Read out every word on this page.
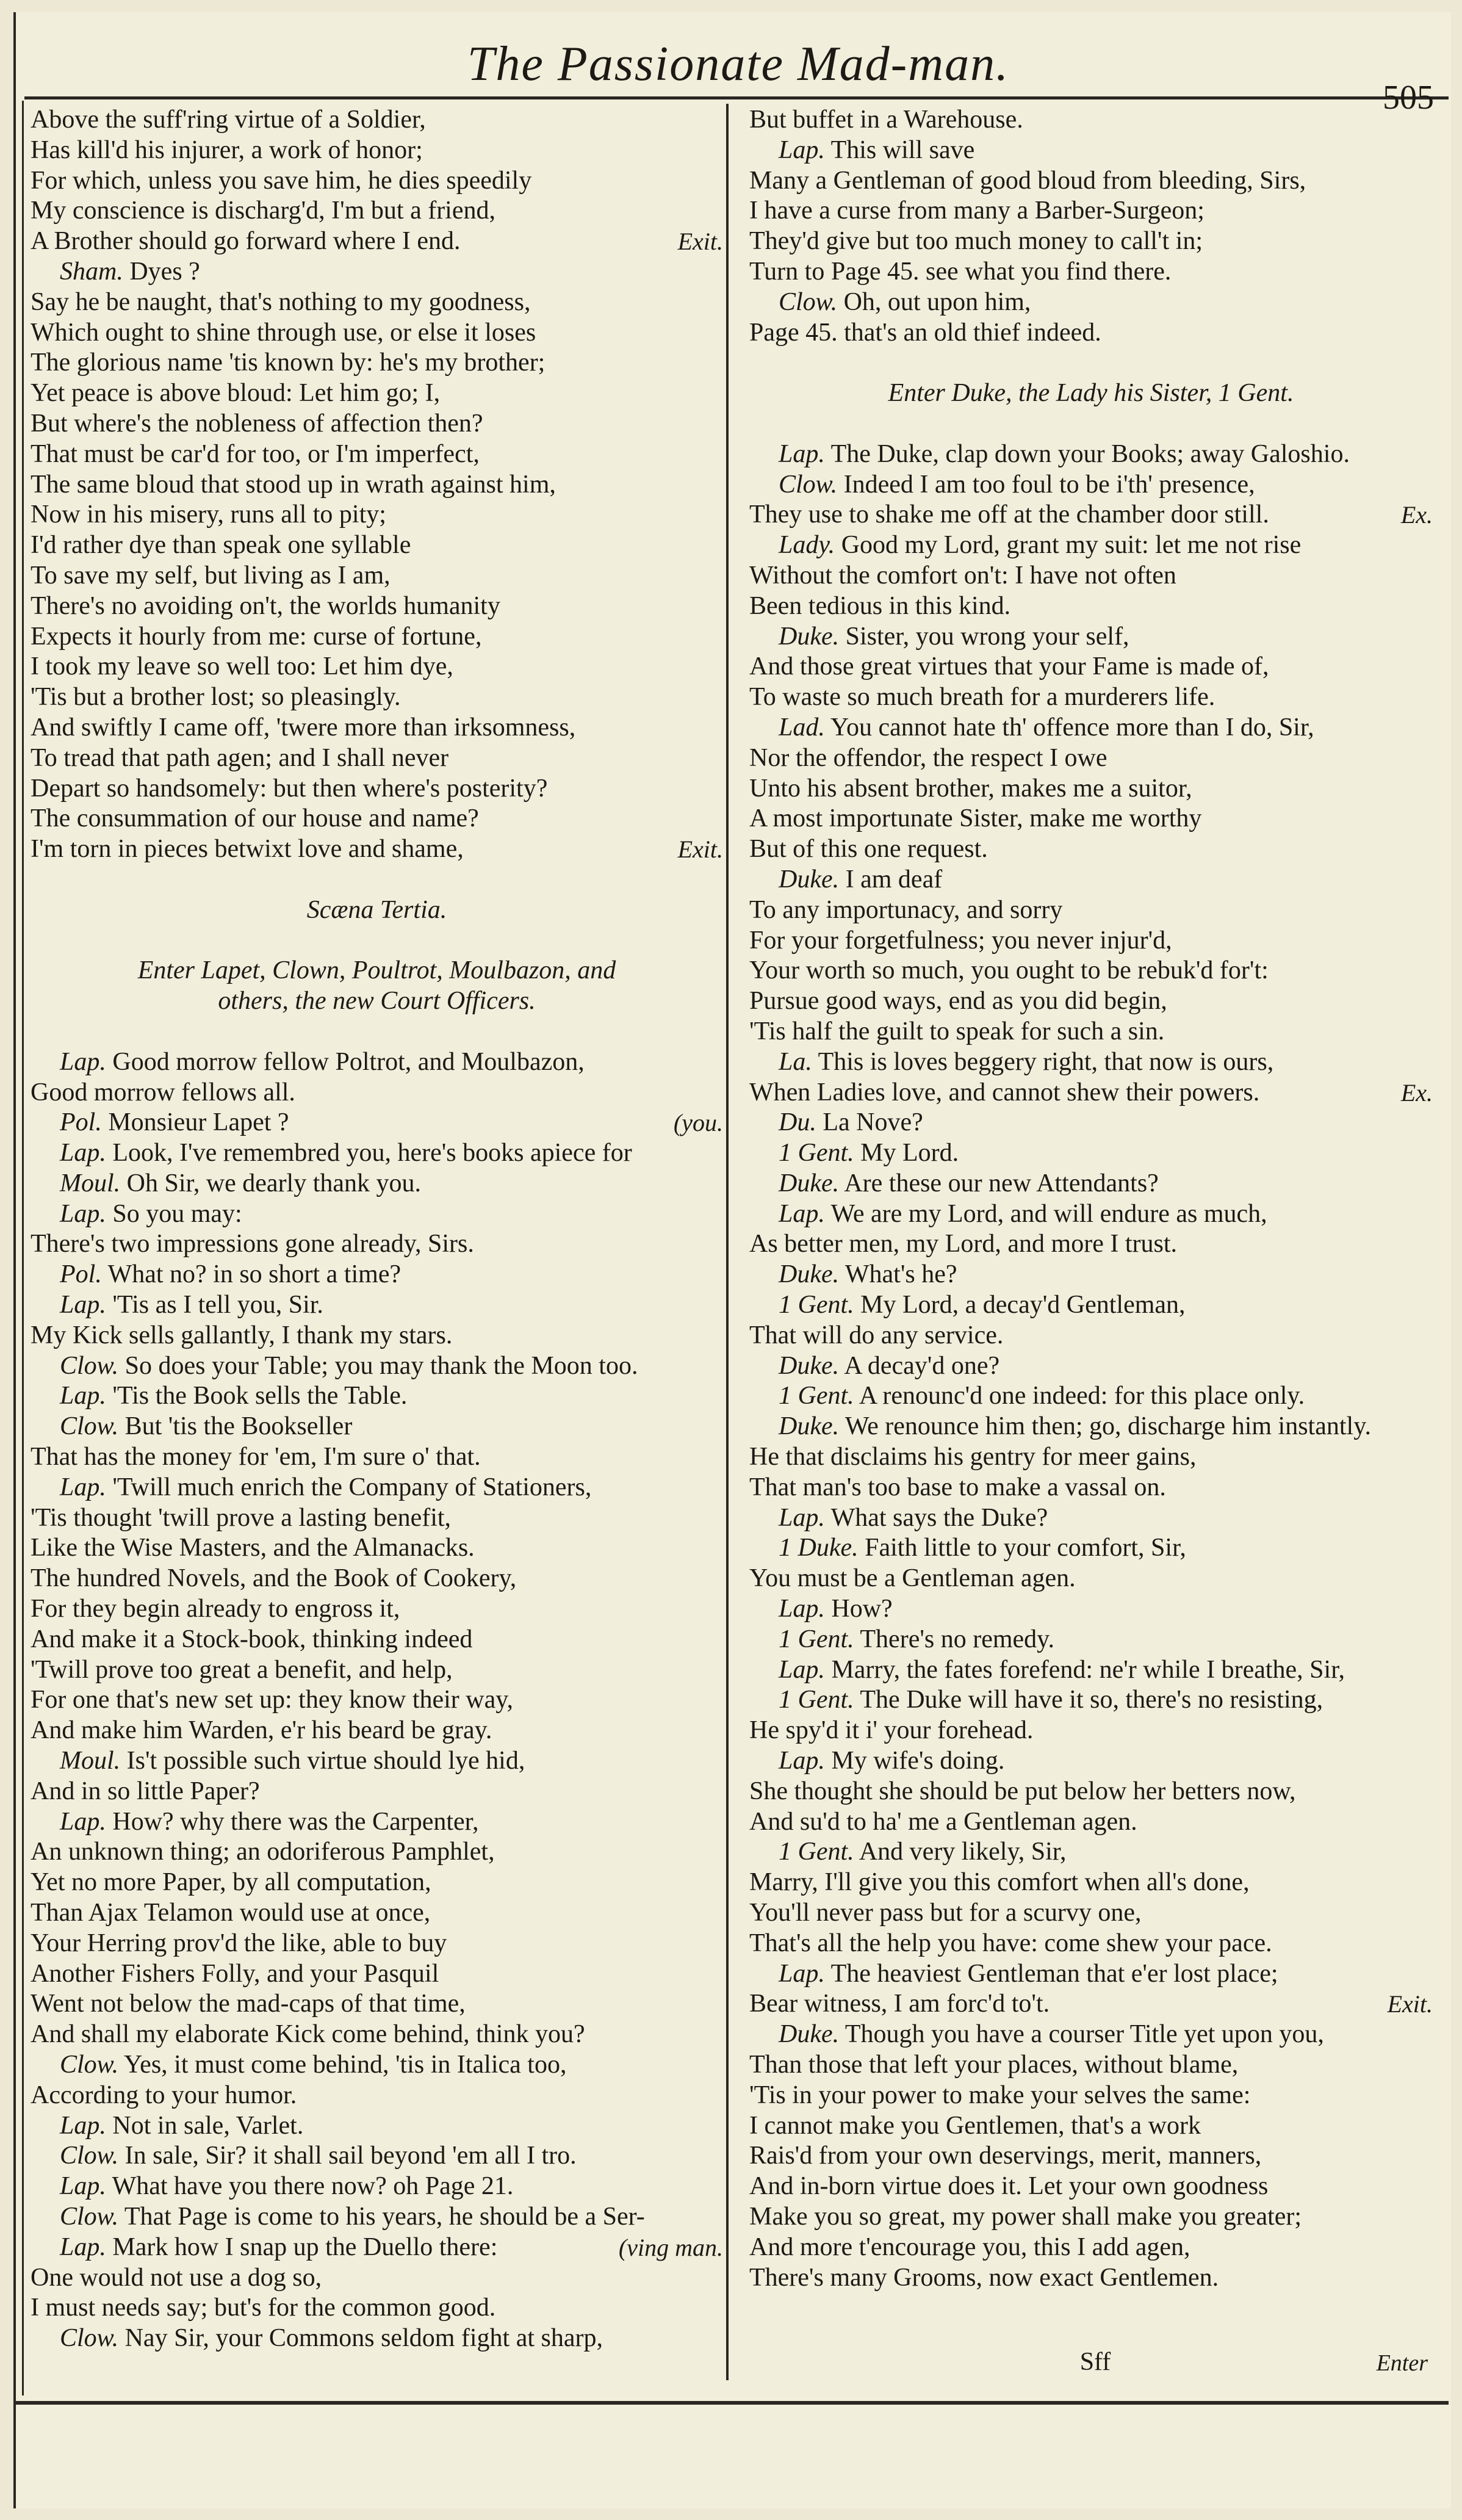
The Passionate Mad-man.
505
Above the suff'ring virtue of a Soldier,
Has kill'd his injurer, a work of honor;
For which, unless you save him, he dies speedily
My conscience is discharg'd, I'm but a friend,
A Brother should go forward where I end.	Exit.
Sham. Dyes ?
Say he be naught, that's nothing to my goodness,
Which ought to shine through use, or else it loses
The glorious name 'tis known by: he's my brother;
Yet peace is above bloud: Let him go; I,
But where's the nobleness of affection then?
That must be car'd for too, or I'm imperfect,
The same bloud that stood up in wrath against him,
Now in his misery, runs all to pity;
I'd rather dye than speak one syllable
To save my self, but living as I am,
There's no avoiding on't, the worlds humanity
Expects it hourly from me: curse of fortune,
I took my leave so well too: Let him dye,
'Tis but a brother lost; so pleasingly.
And swiftly I came off, 'twere more than irksomness,
To tread that path agen; and I shall never
Depart so handsomely: but then where's posterity?
The consummation of our house and name?
I'm torn in pieces betwixt love and shame,	Exit.
Scæna Tertia.
Enter Lapet, Clown, Poultrot, Moulbazon, and
others, the new Court Officers.
Lap. Good morrow fellow Poltrot, and Moulbazon,
Good morrow fellows all.
Pol. Monsieur Lapet ?	(you.
Lap. Look, I've remembred you, here's books apiece for
Moul. Oh Sir, we dearly thank you.
Lap. So you may:
There's two impressions gone already, Sirs.
Pol. What no? in so short a time?
Lap. 'Tis as I tell you, Sir.
My Kick sells gallantly, I thank my stars.
Clow. So does your Table; you may thank the Moon too.
Lap. 'Tis the Book sells the Table.
Clow. But 'tis the Bookseller
That has the money for 'em, I'm sure o' that.
Lap. 'Twill much enrich the Company of Stationers,
'Tis thought 'twill prove a lasting benefit,
Like the Wise Masters, and the Almanacks.
The hundred Novels, and the Book of Cookery,
For they begin already to engross it,
And make it a Stock-book, thinking indeed
'Twill prove too great a benefit, and help,
For one that's new set up: they know their way,
And make him Warden, e'r his beard be gray.
Moul. Is't possible such virtue should lye hid,
And in so little Paper?
Lap. How? why there was the Carpenter,
An unknown thing; an odoriferous Pamphlet,
Yet no more Paper, by all computation,
Than Ajax Telamon would use at once,
Your Herring prov'd the like, able to buy
Another Fishers Folly, and your Pasquil
Went not below the mad-caps of that time,
And shall my elaborate Kick come behind, think you?
Clow. Yes, it must come behind, 'tis in Italica too,
According to your humor.
Lap. Not in sale, Varlet.
Clow. In sale, Sir? it shall sail beyond 'em all I tro.
Lap. What have you there now? oh Page 21.
Clow. That Page is come to his years, he should be a Ser-
Lap. Mark how I snap up the Duello there:	(ving man.
One would not use a dog so,
I must needs say; but's for the common good.
Clow. Nay Sir, your Commons seldom fight at sharp,
But buffet in a Warehouse.
Lap. This will save
Many a Gentleman of good bloud from bleeding, Sirs,
I have a curse from many a Barber-Surgeon;
They'd give but too much money to call't in;
Turn to Page 45. see what you find there.
Clow. Oh, out upon him,
Page 45. that's an old thief indeed.
Enter Duke, the Lady his Sister, 1 Gent.
Lap. The Duke, clap down your Books; away Galoshio.
Clow. Indeed I am too foul to be i'th' presence,
They use to shake me off at the chamber door still.	Ex.
Lady. Good my Lord, grant my suit: let me not rise
Without the comfort on't: I have not often
Been tedious in this kind.
Duke. Sister, you wrong your self,
And those great virtues that your Fame is made of,
To waste so much breath for a murderers life.
Lad. You cannot hate th' offence more than I do, Sir,
Nor the offendor, the respect I owe
Unto his absent brother, makes me a suitor,
A most importunate Sister, make me worthy
But of this one request.
Duke. I am deaf
To any importunacy, and sorry
For your forgetfulness; you never injur'd,
Your worth so much, you ought to be rebuk'd for't:
Pursue good ways, end as you did begin,
'Tis half the guilt to speak for such a sin.
La. This is loves beggery right, that now is ours,
When Ladies love, and cannot shew their powers.	Ex.
Du. La Nove?
1 Gent. My Lord.
Duke. Are these our new Attendants?
Lap. We are my Lord, and will endure as much,
As better men, my Lord, and more I trust.
Duke. What's he?
1 Gent. My Lord, a decay'd Gentleman,
That will do any service.
Duke. A decay'd one?
1 Gent. A renounc'd one indeed: for this place only.
Duke. We renounce him then; go, discharge him instantly.
He that disclaims his gentry for meer gains,
That man's too base to make a vassal on.
Lap. What says the Duke?
1 Duke. Faith little to your comfort, Sir,
You must be a Gentleman agen.
Lap. How?
1 Gent. There's no remedy.
Lap. Marry, the fates forefend: ne'r while I breathe, Sir,
1 Gent. The Duke will have it so, there's no resisting,
He spy'd it i' your forehead.
Lap. My wife's doing.
She thought she should be put below her betters now,
And su'd to ha' me a Gentleman agen.
1 Gent. And very likely, Sir,
Marry, I'll give you this comfort when all's done,
You'll never pass but for a scurvy one,
That's all the help you have: come shew your pace.
Lap. The heaviest Gentleman that e'er lost place;
Bear witness, I am forc'd to't.	Exit.
Duke. Though you have a courser Title yet upon you,
Than those that left your places, without blame,
'Tis in your power to make your selves the same:
I cannot make you Gentlemen, that's a work
Rais'd from your own deservings, merit, manners,
And in-born virtue does it. Let your own goodness
Make you so great, my power shall make you greater;
And more t'encourage you, this I add agen,
There's many Grooms, now exact Gentlemen.
Sff	Enter
